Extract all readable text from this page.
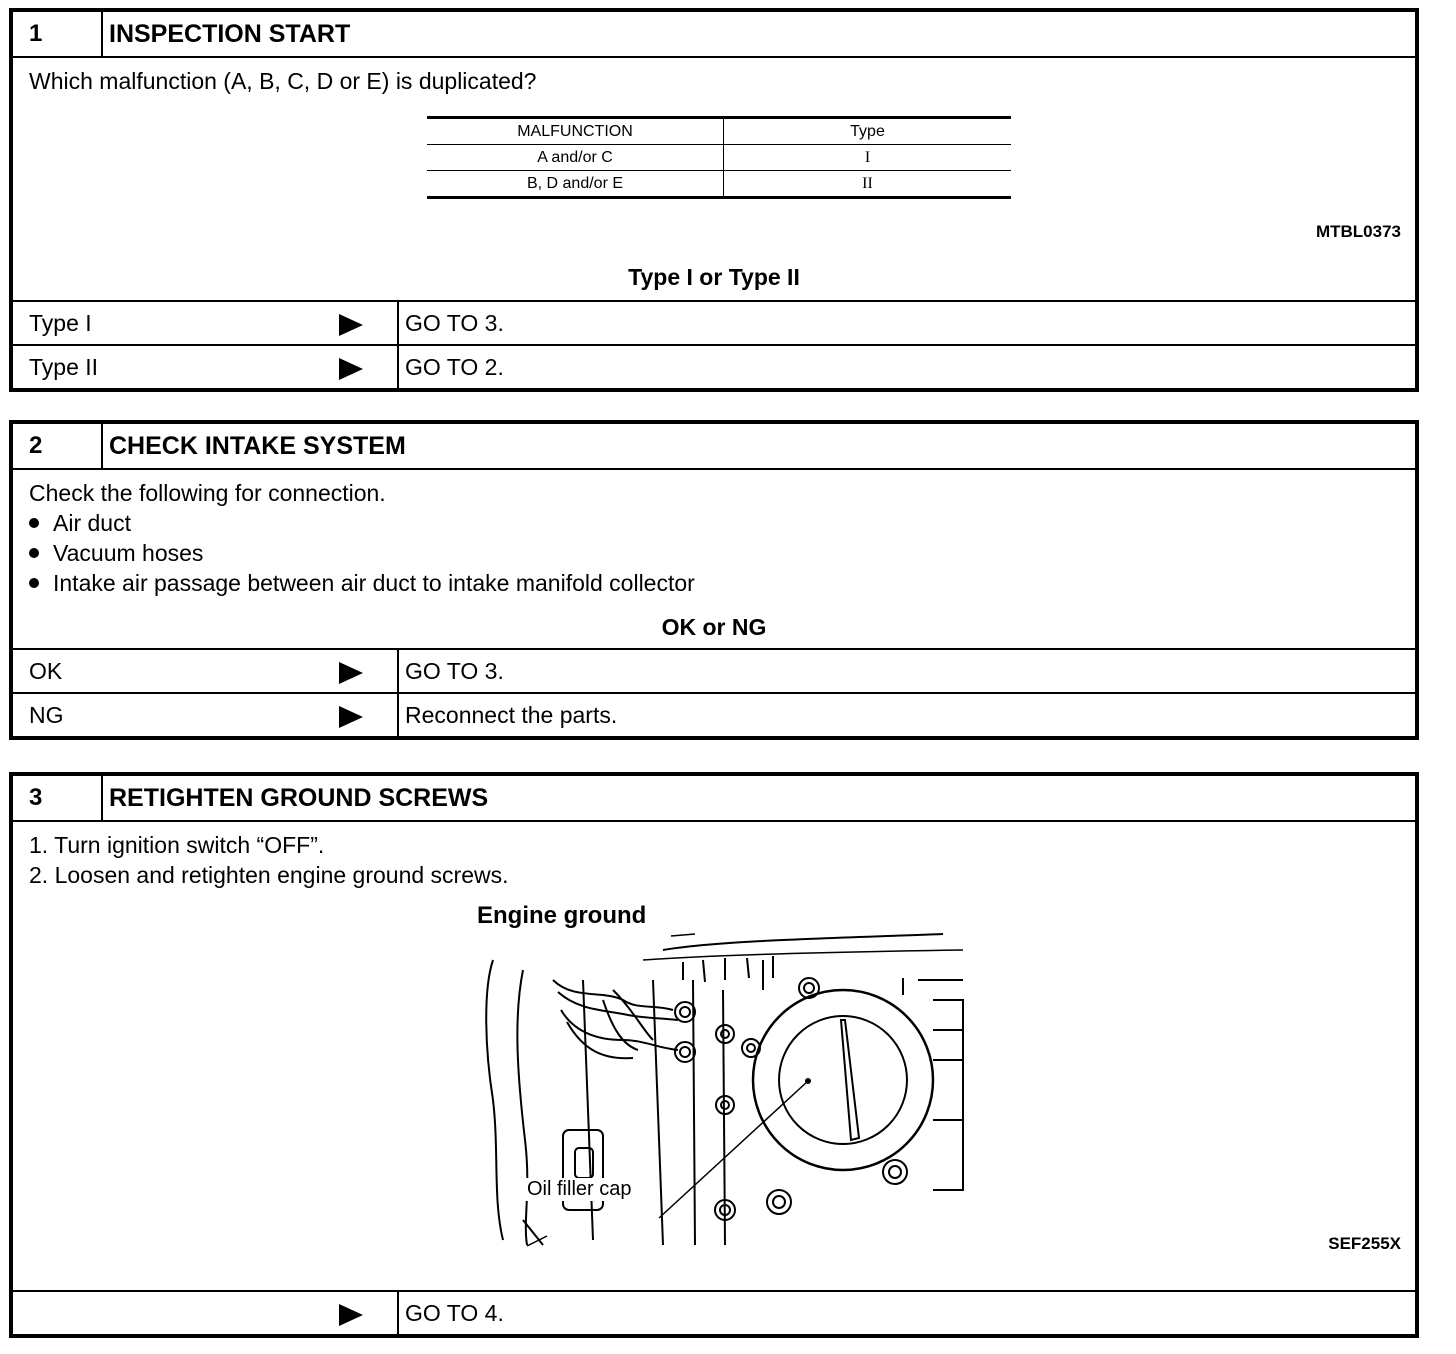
1	INSPECTION START
Which malfunction (A, B, C, D or E) is duplicated?
MALFUNCTION	Type
A and/or C	I
B, D and/or E	II
MTBL0373
Type I or Type II
Type I	GO TO 3.
Type II	GO TO 2.
2	CHECK INTAKE SYSTEM
Check the following for connection.
Air duct
Vacuum hoses
Intake air passage between air duct to intake manifold collector
OK or NG
OK	GO TO 3.
NG	Reconnect the parts.
3	RETIGHTEN GROUND SCREWS
1. Turn ignition switch “OFF”.
2. Loosen and retighten engine ground screws.
Engine ground
Oil filler cap
SEF255X
GO TO 4.
